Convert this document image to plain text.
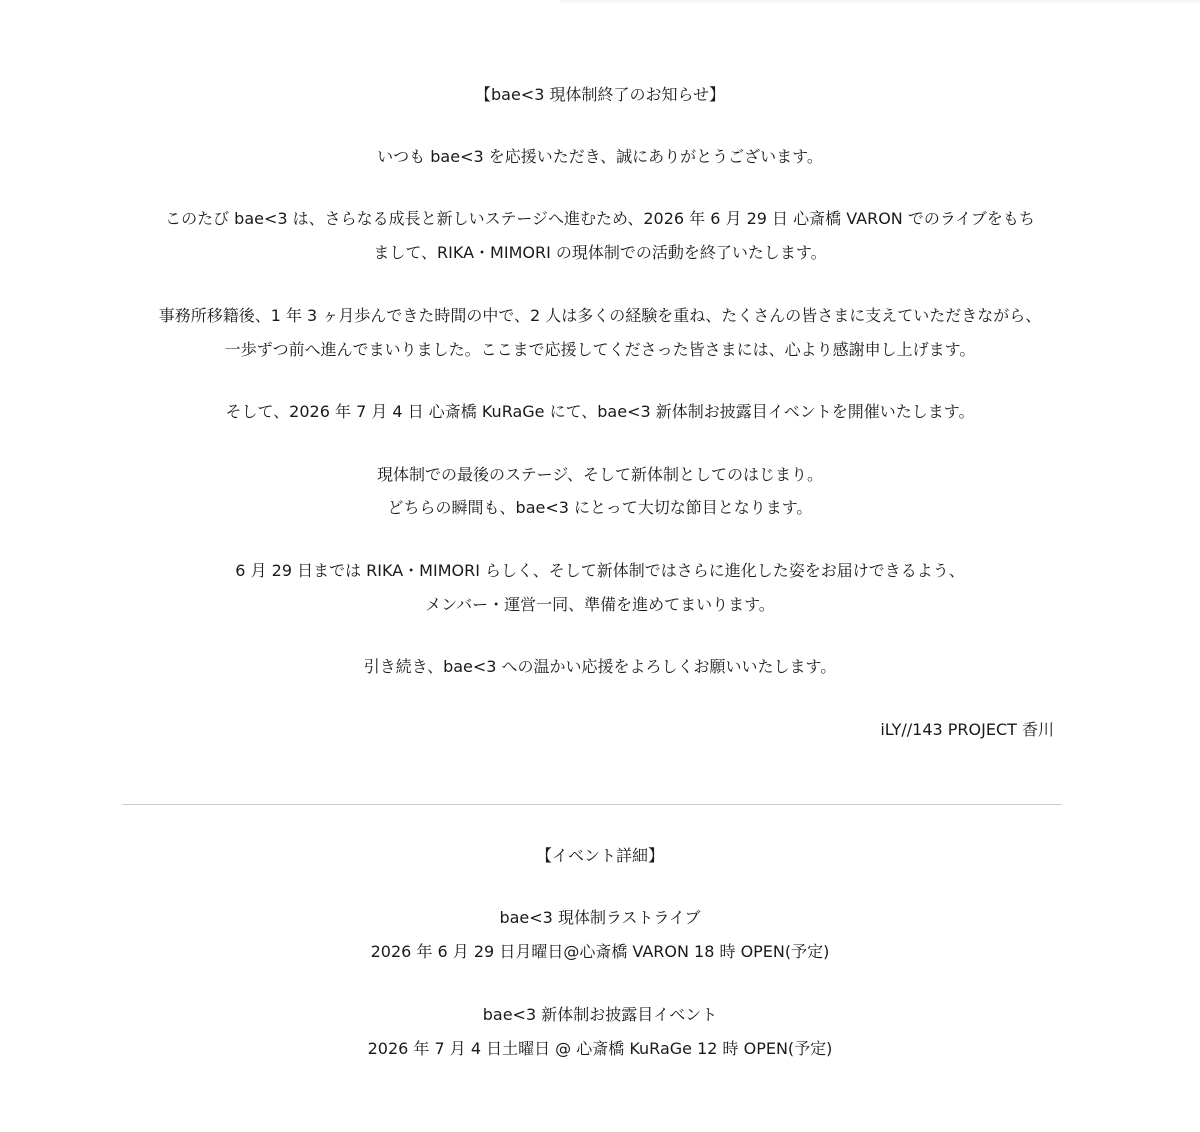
【bae<3 現体制終了のお知らせ】
いつも bae<3 を応援いただき、誠にありがとうございます。
このたび bae<3 は、さらなる成長と新しいステージへ進むため、2026 年 6 月 29 日 心斎橋 VARON でのライブをもち
まして、RIKA・MIMORI の現体制での活動を終了いたします。
事務所移籍後、1 年 3 ヶ月歩んできた時間の中で、2 人は多くの経験を重ね、たくさんの皆さまに支えていただきながら、
一歩ずつ前へ進んでまいりました。ここまで応援してくださった皆さまには、心より感謝申し上げます。
そして、2026 年 7 月 4 日 心斎橋 KuRaGe にて、bae<3 新体制お披露目イベントを開催いたします。
現体制での最後のステージ、そして新体制としてのはじまり。
どちらの瞬間も、bae<3 にとって大切な節目となります。
6 月 29 日までは RIKA・MIMORI らしく、そして新体制ではさらに進化した姿をお届けできるよう、
メンバー・運営一同、準備を進めてまいります。
引き続き、bae<3 への温かい応援をよろしくお願いいたします。
iLY//143 PROJECT 香川
【イベント詳細】
bae<3 現体制ラストライブ
2026 年 6 月 29 日月曜日@心斎橋 VARON 18 時 OPEN(予定)
bae<3 新体制お披露目イベント
2026 年 7 月 4 日土曜日 @ 心斎橋 KuRaGe 12 時 OPEN(予定)
